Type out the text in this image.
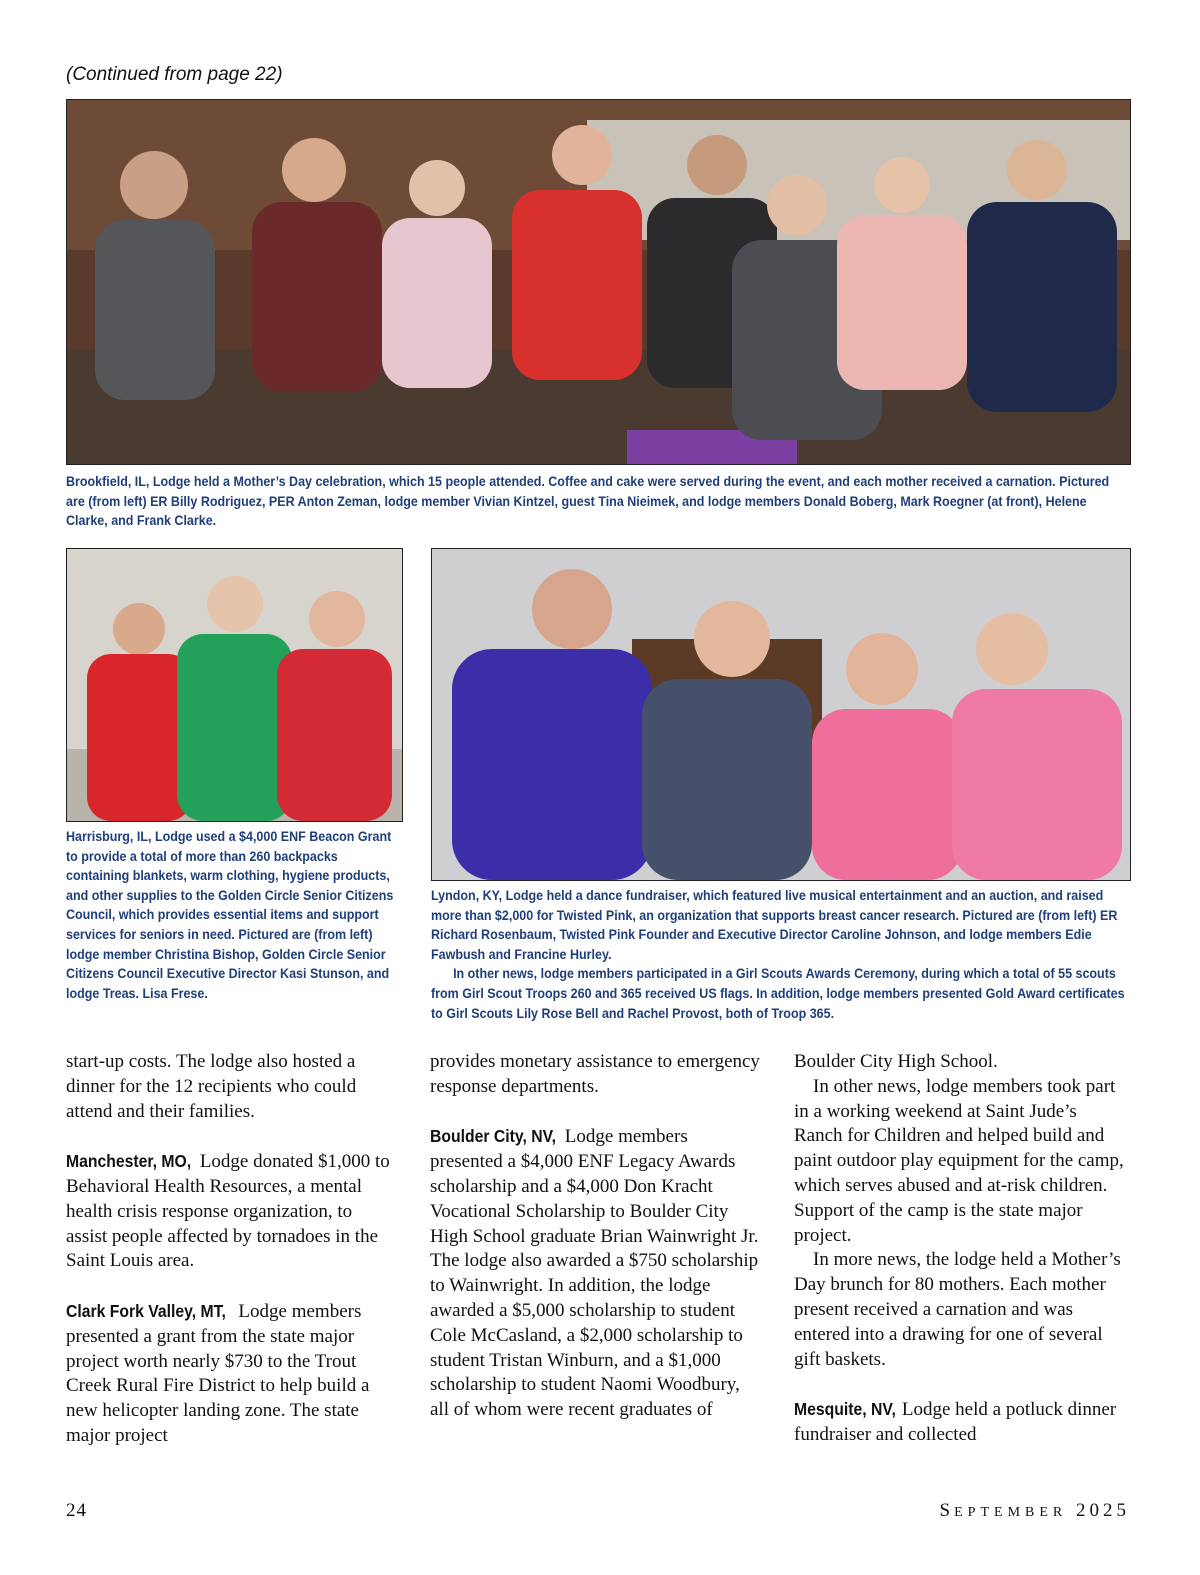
(Continued from page 22)

Brookfield, IL, Lodge held a Mother’s Day celebration, which 15 people attended. Coffee and cake were served during the event, and each mother received a carnation. Pictured are (from left) ER Billy Rodriguez, PER Anton Zeman, lodge member Vivian Kintzel, guest Tina Nieimek, and lodge members Donald Boberg, Mark Roegner (at front), Helene Clarke, and Frank Clarke.

Harrisburg, IL, Lodge used a $4,000 ENF Beacon Grant to provide a total of more than 260 backpacks containing blankets, warm clothing, hygiene products, and other supplies to the Golden Circle Senior Citizens Council, which provides essential items and support services for seniors in need. Pictured are (from left) lodge member Christina Bishop, Golden Circle Senior Citizens Council Executive Director Kasi Stunson, and lodge Treas. Lisa Frese.

Lyndon, KY, Lodge held a dance fundraiser, which featured live musical entertainment and an auction, and raised more than $2,000 for Twisted Pink, an organization that supports breast cancer research. Pictured are (from left) ER Richard Rosenbaum, Twisted Pink Founder and Executive Director Caroline Johnson, and lodge members Edie Fawbush and Francine Hurley.

In other news, lodge members participated in a Girl Scouts Awards Ceremony, during which a total of 55 scouts from Girl Scout Troops 260 and 365 received US flags. In addition, lodge members presented Gold Award certificates to Girl Scouts Lily Rose Bell and Rachel Provost, both of Troop 365.

start-up costs. The lodge also hosted a dinner for the 12 recipients who could attend and their families.

Manchester, MO, Lodge donated $1,000 to Behavioral Health Resources, a mental health crisis response organization, to assist people affected by tornadoes in the Saint Louis area.

Clark Fork Valley, MT, Lodge members presented a grant from the state major project worth nearly $730 to the Trout Creek Rural Fire District to help build a new helicopter landing zone. The state major project

provides monetary assistance to emergency response departments.

Boulder City, NV, Lodge members presented a $4,000 ENF Legacy Awards scholarship and a $4,000 Don Kracht Vocational Scholarship to Boulder City High School graduate Brian Wainwright Jr. The lodge also awarded a $750 scholarship to Wainwright. In addition, the lodge awarded a $5,000 scholarship to student Cole McCasland, a $2,000 scholarship to student Tristan Winburn, and a $1,000 scholarship to student Naomi Woodbury, all of whom were recent graduates of

Boulder City High School.

In other news, lodge members took part in a working weekend at Saint Jude’s Ranch for Children and helped build and paint outdoor play equipment for the camp, which serves abused and at-risk children. Support of the camp is the state major project.

In more news, the lodge held a Mother’s Day brunch for 80 mothers. Each mother present received a carnation and was entered into a drawing for one of several gift baskets.

Mesquite, NV, Lodge held a potluck dinner fundraiser and collected

24	SEPTEMBER 2025
